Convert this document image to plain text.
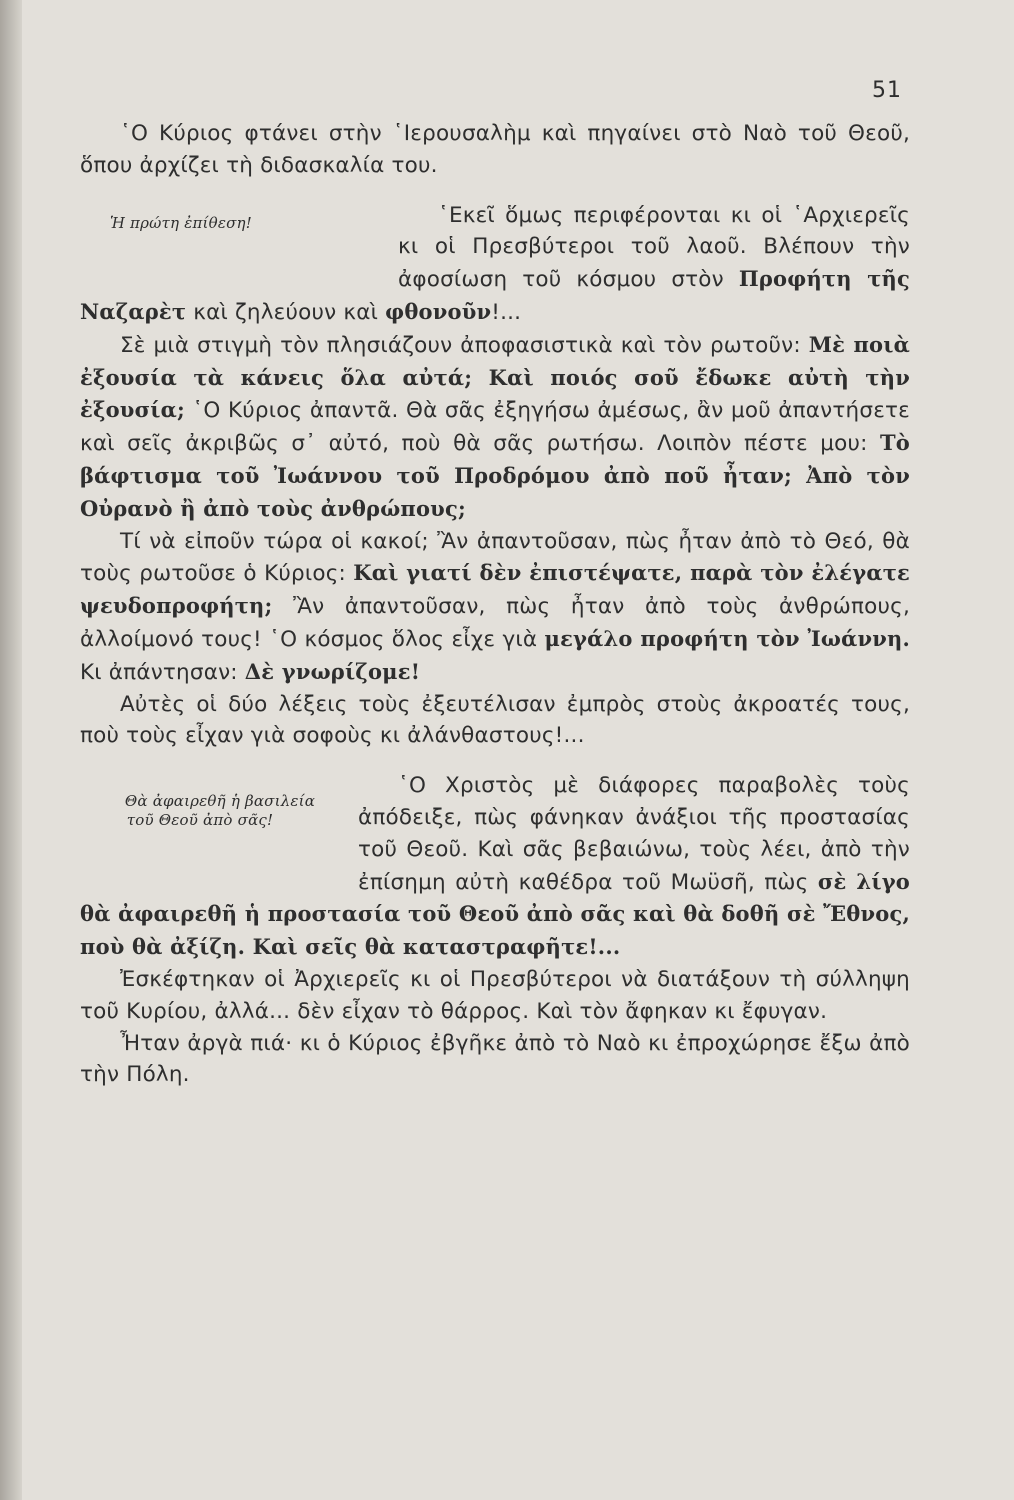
51

῾Ο Κύριος φτάνει στὴν ῾Ιερουσαλὴμ καὶ πηγαίνει στὸ Ναὸ τοῦ Θεοῦ, ὅπου ἀρχίζει τὴ διδασκαλία του.

Ἡ πρώτη ἐπίθεση!	῾Εκεῖ ὅμως περιφέρονται κι οἱ ῾Αρχιερεῖς κι οἱ Πρεσβύτεροι τοῦ λαοῦ. Βλέπουν τὴν ἀφοσίωση τοῦ κόσμου στὸν Προφήτη τῆς Ναζαρὲτ καὶ ζηλεύουν καὶ φθονοῦν!...

Σὲ μιὰ στιγμὴ τὸν πλησιάζουν ἀποφασιστικὰ καὶ τὸν ρωτοῦν: Μὲ ποιὰ ἐξουσία τὰ κάνεις ὅλα αὐτά; Καὶ ποιός σοῦ ἔδωκε αὐτὴ τὴν ἐξουσία; ῾Ο Κύριος ἀπαντᾶ. Θὰ σᾶς ἐξηγήσω ἀμέσως, ἂν μοῦ ἀπαντήσετε καὶ σεῖς ἀκριβῶς σ᾿ αὐτό, ποὺ θὰ σᾶς ρωτήσω. Λοιπὸν πέστε μου: Τὸ βάφτισμα τοῦ Ἰωάννου τοῦ Προδρόμου ἀπὸ ποῦ ἦταν; Ἀπὸ τὸν Οὐρανὸ ἢ ἀπὸ τοὺς ἀνθρώπους;

Τί νὰ εἰποῦν τώρα οἱ κακοί; Ἂν ἀπαντοῦσαν, πὼς ἦταν ἀπὸ τὸ Θεό, θὰ τοὺς ρωτοῦσε ὁ Κύριος: Καὶ γιατί δὲν ἐπιστέψατε, παρὰ τὸν ἐλέγατε ψευδοπροφήτη; Ἂν ἀπαντοῦσαν, πὼς ἦταν ἀπὸ τοὺς ἀνθρώπους, ἀλλοίμονό τους! ῾Ο κόσμος ὅλος εἶχε γιὰ μεγάλο προφήτη τὸν Ἰωάννη. Κι ἀπάντησαν: Δὲ γνωρίζομε!

Αὐτὲς οἱ δύο λέξεις τοὺς ἐξευτέλισαν ἐμπρὸς στοὺς ἀκροατές τους, ποὺ τοὺς εἶχαν γιὰ σοφοὺς κι ἀλάνθαστους!...

Θὰ ἀφαιρεθῆ ἡ βασιλεία τοῦ Θεοῦ ἀπὸ σᾶς!
῾Ο Χριστὸς μὲ διάφορες παραβολὲς τοὺς ἀπόδειξε, πὼς φάνηκαν ἀνάξιοι τῆς προστασίας τοῦ Θεοῦ. Καὶ σᾶς βεβαιώνω, τοὺς λέει, ἀπὸ τὴν ἐπίσημη αὐτὴ καθέδρα τοῦ Μωϋσῆ, πὼς σὲ λίγο θὰ ἀφαιρεθῆ ἡ προστασία τοῦ Θεοῦ ἀπὸ σᾶς καὶ θὰ δοθῆ σὲ Ἔθνος, ποὺ θὰ ἀξίζη. Καὶ σεῖς θὰ καταστραφῆτε!...

Ἐσκέφτηκαν οἱ Ἀρχιερεῖς κι οἱ Πρεσβύτεροι νὰ διατάξουν τὴ σύλληψη τοῦ Κυρίου, ἀλλά... δὲν εἶχαν τὸ θάρρος. Καὶ τὸν ἄφηκαν κι ἔφυγαν.

Ἦταν ἀργὰ πιά· κι ὁ Κύριος ἐβγῆκε ἀπὸ τὸ Ναὸ κι ἐπροχώρησε ἔξω ἀπὸ τὴν Πόλη.
